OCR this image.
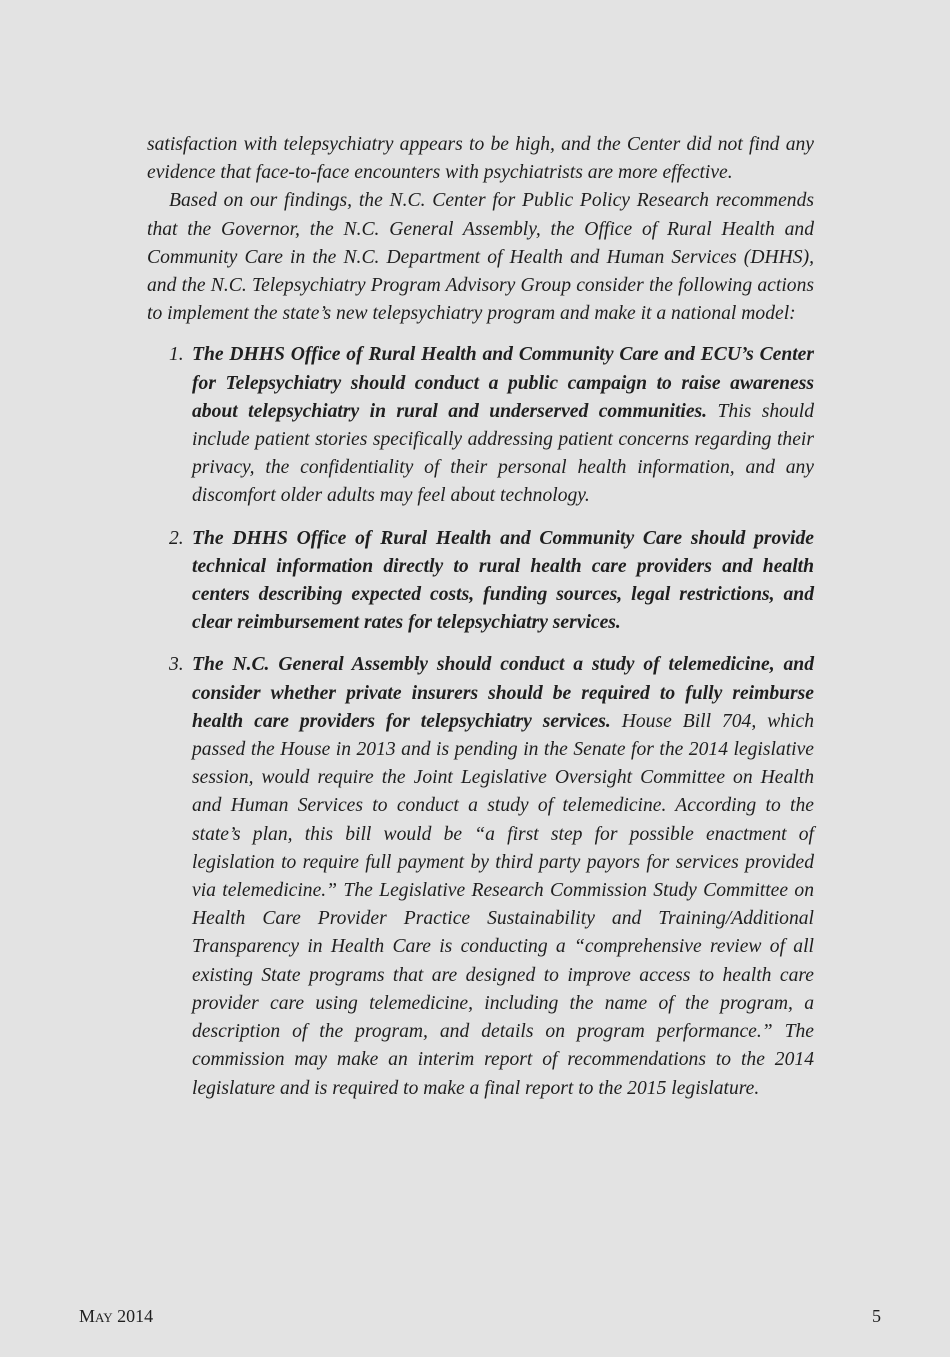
satisfaction with telepsychiatry appears to be high, and the Center did not find any evidence that face-to-face encounters with psychiatrists are more effective.

Based on our findings, the N.C. Center for Public Policy Research recommends that the Governor, the N.C. General Assembly, the Office of Rural Health and Community Care in the N.C. Department of Health and Human Services (DHHS), and the N.C. Telepsychiatry Program Advisory Group consider the following actions to implement the state’s new telepsychiatry program and make it a national model:

1. The DHHS Office of Rural Health and Community Care and ECU’s Center for Telepsychiatry should conduct a public campaign to raise awareness about telepsychiatry in rural and underserved communities. This should include patient stories specifically addressing patient concerns regarding their privacy, the confidentiality of their personal health information, and any discomfort older adults may feel about technology.
2. The DHHS Office of Rural Health and Community Care should provide technical information directly to rural health care providers and health centers describing expected costs, funding sources, legal restrictions, and clear reimbursement rates for telepsychiatry services.
3. The N.C. General Assembly should conduct a study of telemedicine, and consider whether private insurers should be required to fully reimburse health care providers for telepsychiatry services. House Bill 704, which passed the House in 2013 and is pending in the Senate for the 2014 legislative session, would require the Joint Legislative Oversight Committee on Health and Human Services to conduct a study of telemedicine. According to the state’s plan, this bill would be “a first step for possible enactment of legislation to require full payment by third party payors for services provided via telemedicine.” The Legislative Research Commission Study Committee on Health Care Provider Practice Sustainability and Training/Additional Transparency in Health Care is conducting a “comprehensive review of all existing State programs that are designed to improve access to health care provider care using telemedicine, including the name of the program, a description of the program, and details on program performance.” The commission may make an interim report of recommendations to the 2014 legislature and is required to make a final report to the 2015 legislature.
May 2014	5
